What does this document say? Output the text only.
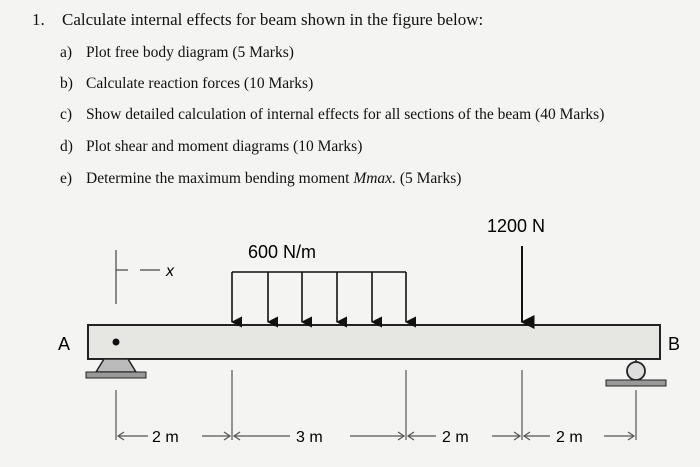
1. Calculate internal effects for beam shown in the figure below:
a) Plot free body diagram (5 Marks)
b) Calculate reaction forces (10 Marks)
c) Show detailed calculation of internal effects for all sections of the beam (40 Marks)
d) Plot shear and moment diagrams (10 Marks)
e) Determine the maximum bending moment Mmax. (5 Marks)
A	B
x
600 N/m
1200 N
2 m	3 m	2 m	2 m
